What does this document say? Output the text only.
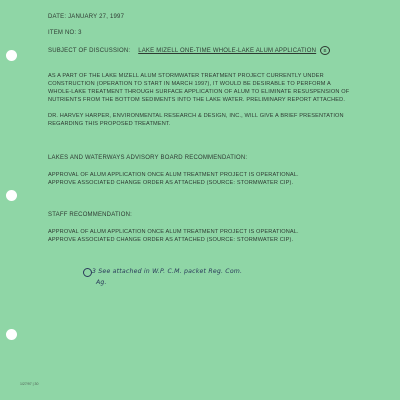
DATE: JANUARY 27, 1997
ITEM NO: 3
SUBJECT OF DISCUSSION: LAKE MIZELL ONE-TIME WHOLE-LAKE ALUM APPLICATION B
AS A PART OF THE LAKE MIZELL ALUM STORMWATER TREATMENT PROJECT CURRENTLY UNDER
CONSTRUCTION (OPERATION TO START IN MARCH 1997), IT WOULD BE DESIRABLE TO PERFORM A
WHOLE-LAKE TREATMENT THROUGH SURFACE APPLICATION OF ALUM TO ELIMINATE RESUSPENSION OF
NUTRIENTS FROM THE BOTTOM SEDIMENTS INTO THE LAKE WATER. PRELIMINARY REPORT ATTACHED.
DR. HARVEY HARPER, ENVIRONMENTAL RESEARCH & DESIGN, INC., WILL GIVE A BRIEF PRESENTATION
REGARDING THIS PROPOSED TREATMENT.
LAKES AND WATERWAYS ADVISORY BOARD RECOMMENDATION:
APPROVAL OF ALUM APPLICATION ONCE ALUM TREATMENT PROJECT IS OPERATIONAL.
APPROVE ASSOCIATED CHANGE ORDER AS ATTACHED (SOURCE: STORMWATER CIP).
STAFF RECOMMENDATION:
APPROVAL OF ALUM APPLICATION ONCE ALUM TREATMENT PROJECT IS OPERATIONAL.
APPROVE ASSOCIATED CHANGE ORDER AS ATTACHED (SOURCE: STORMWATER CIP).
3 See attached in W.P. C.M. packet Reg. Com.
Ag.
1/27/97 | 30
